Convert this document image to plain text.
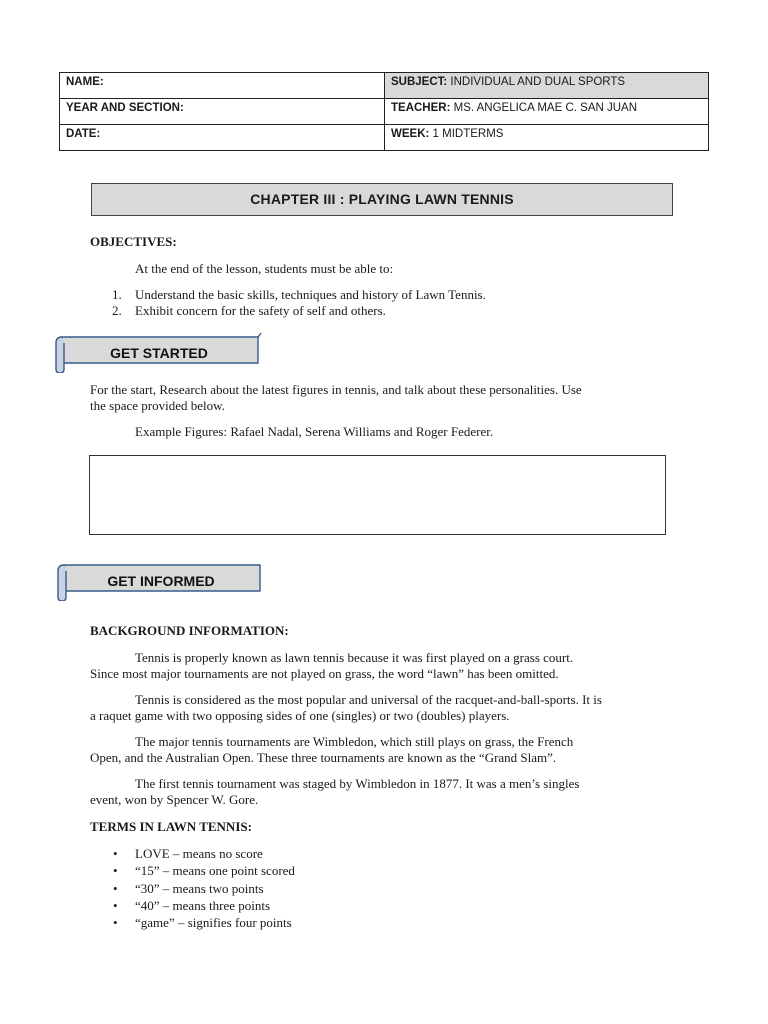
NAME:	SUBJECT: INDIVIDUAL AND DUAL SPORTS
YEAR AND SECTION:	TEACHER: MS. ANGELICA MAE C. SAN JUAN
DATE:	WEEK: 1 MIDTERMS
CHAPTER III : PLAYING LAWN TENNIS
OBJECTIVES:
At the end of the lesson, students must be able to:
1. Understand the basic skills, techniques and history of Lawn Tennis.
2. Exhibit concern for the safety of self and others.
GET STARTED
For the start, Research about the latest figures in tennis, and talk about these personalities. Use
the space provided below.
Example Figures: Rafael Nadal, Serena Williams and Roger Federer.
GET INFORMED
BACKGROUND INFORMATION:
Tennis is properly known as lawn tennis because it was first played on a grass court.
Since most major tournaments are not played on grass, the word “lawn” has been omitted.
Tennis is considered as the most popular and universal of the racquet-and-ball-sports. It is
a raquet game with two opposing sides of one (singles) or two (doubles) players.
The major tennis tournaments are Wimbledon, which still plays on grass, the French
Open, and the Australian Open. These three tournaments are known as the “Grand Slam”.
The first tennis tournament was staged by Wimbledon in 1877. It was a men’s singles
event, won by Spencer W. Gore.
TERMS IN LAWN TENNIS:
• LOVE – means no score
• “15” – means one point scored
• “30” – means two points
• “40” – means three points
• “game” – signifies four points
